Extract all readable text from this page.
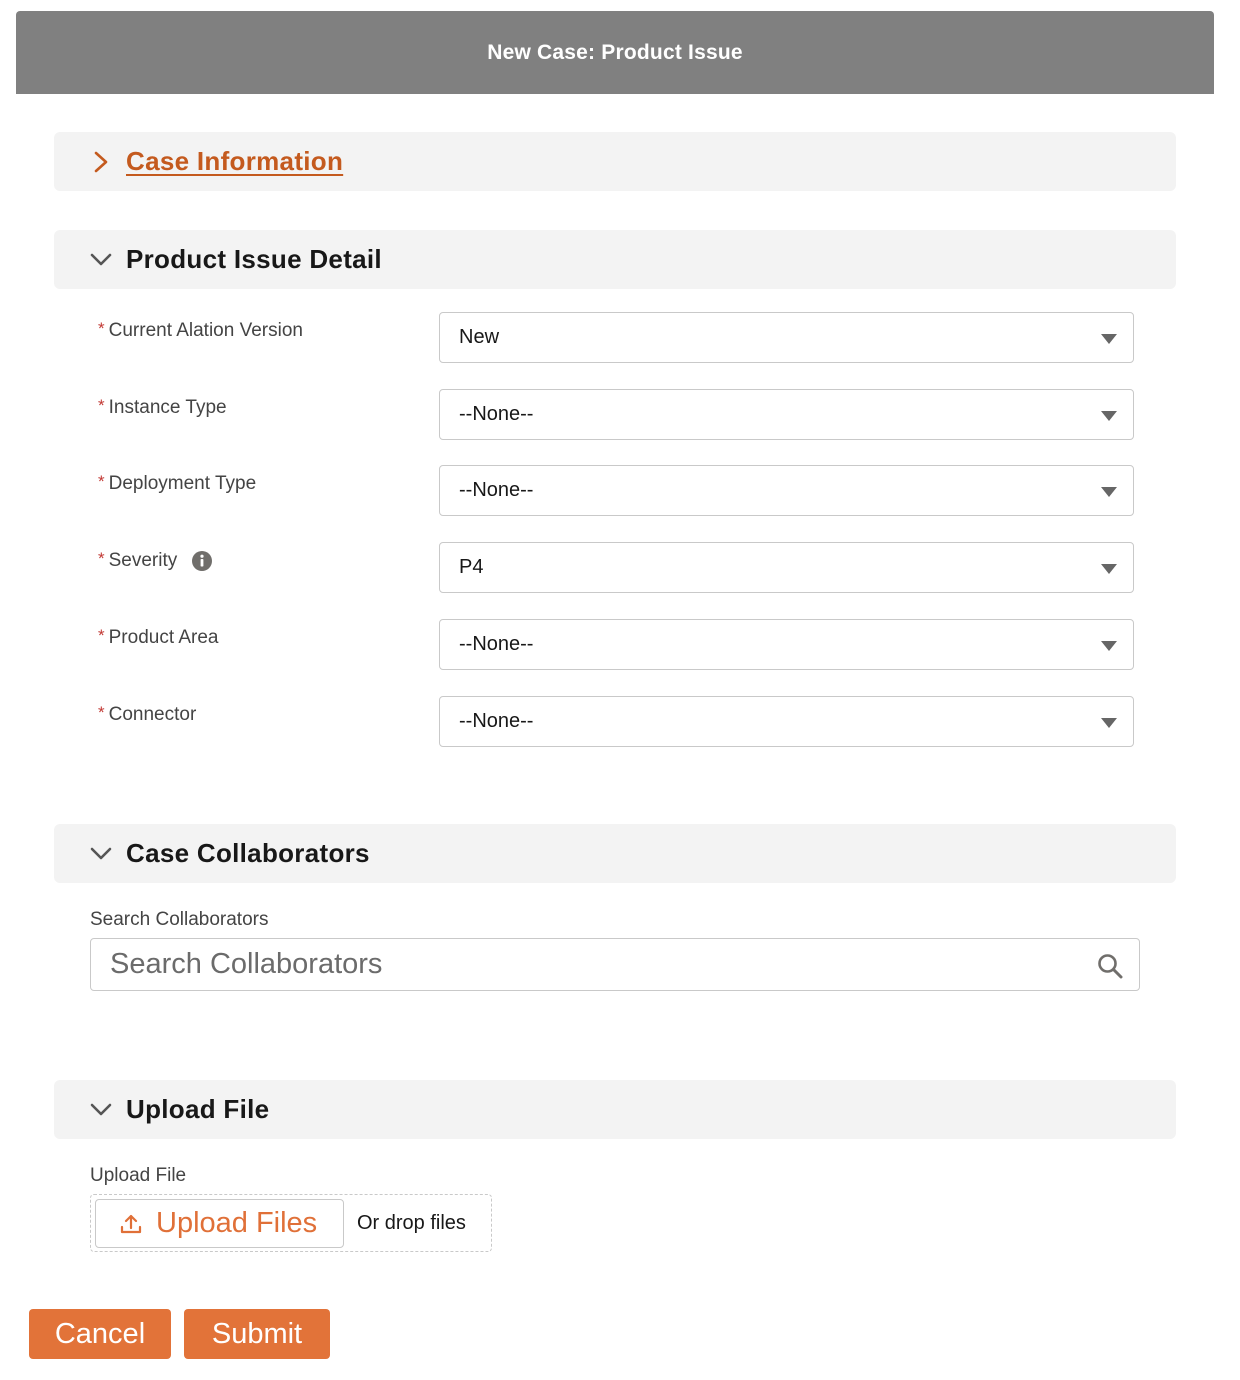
New Case: Product Issue
Case Information
Product Issue Detail
* Current Alation Version	New
* Instance Type	--None--
* Deployment Type	--None--
* Severity	P4
* Product Area	--None--
* Connector	--None--
Case Collaborators
Search Collaborators
Search Collaborators
Upload File
Upload File
Upload Files Or drop files
Cancel	Submit
